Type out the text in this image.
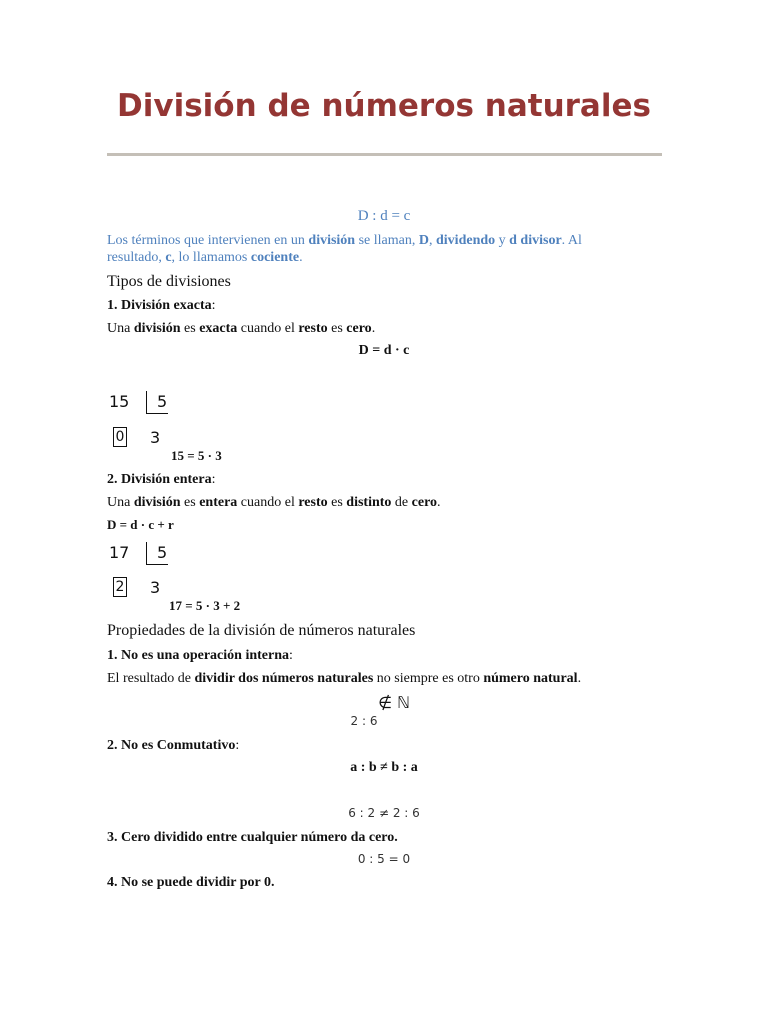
División de números naturales
D : d = c
Los términos que intervienen en un división se llaman, D, dividendo y d divisor. Al resultado, c, lo llamamos cociente.
Tipos de divisiones
1. División exacta:
Una división es exacta cuando el resto es cero.
D = d · c
15 5
0 3
15 = 5 · 3
2. División entera:
Una división es entera cuando el resto es distinto de cero.
D = d · c + r
17 5
2 3
17 = 5 · 3 + 2
Propiedades de la división de números naturales
1. No es una operación interna:
El resultado de dividir dos números naturales no siempre es otro número natural.
∉ ℕ
2 : 6
2. No es Conmutativo:
a : b ≠ b : a
6 : 2 ≠ 2 : 6
3. Cero dividido entre cualquier número da cero.
0 : 5 = 0
4. No se puede dividir por 0.
